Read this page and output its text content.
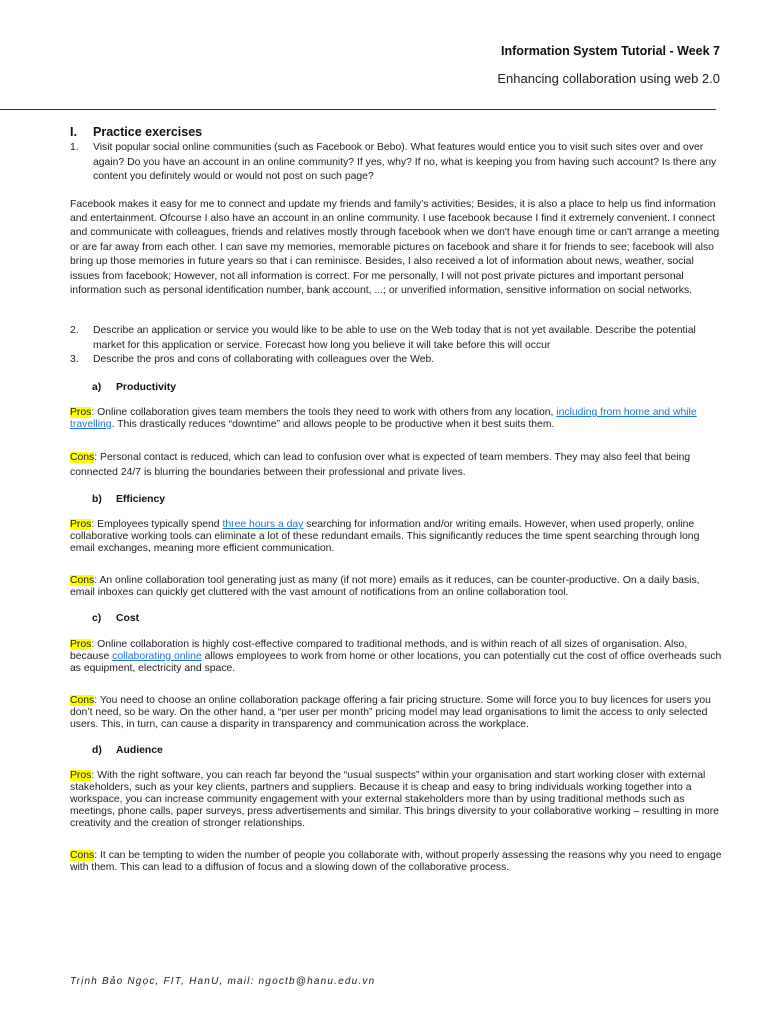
Information System Tutorial - Week 7
Enhancing collaboration using web 2.0
I.	Practice exercises
1.	Visit popular social online communities (such as Facebook or Bebo). What features would entice you to visit such sites over and over again? Do you have an account in an online community? If yes, why? If no, what is keeping you from having such account? Is there any content you definitely would or would not post on such page?

Facebook makes it easy for me to connect and update my friends and family’s activities; Besides, it is also a place to help us find information and entertainment. Ofcourse I also have an account in an online community. I use facebook because I find it extremely convenient. I connect and communicate with colleagues, friends and relatives mostly through facebook when we don't have enough time or can't arrange a meeting or are far away from each other. I can save my memories, memorable pictures on facebook and share it for friends to see; facebook will also bring up those memories in future years so that i can reminisce. Besides, I also received a lot of information about news, weather, social issues from facebook; However, not all information is correct. For me personally, I will not post private pictures and important personal information such as personal identification number, bank account, ...; or unverified information, sensitive information on social networks.

2.	Describe an application or service you would like to be able to use on the Web today that is not yet available. Describe the potential market for this application or service. Forecast how long you believe it will take before this will occur
3.	Describe the pros and cons of collaborating with colleagues over the Web.
a)	Productivity

Pros: Online collaboration gives team members the tools they need to work with others from any location, including from home and while travelling. This drastically reduces “downtime” and allows people to be productive when it best suits them.

Cons: Personal contact is reduced, which can lead to confusion over what is expected of team members. They may also feel that being connected 24/7 is blurring the boundaries between their professional and private lives.

b)	Efficiency

Pros: Employees typically spend three hours a day searching for information and/or writing emails. However, when used properly, online collaborative working tools can eliminate a lot of these redundant emails. This significantly reduces the time spent searching through long email exchanges, meaning more efficient communication.

Cons: An online collaboration tool generating just as many (if not more) emails as it reduces, can be counter-productive. On a daily basis, email inboxes can quickly get cluttered with the vast amount of notifications from an online collaboration tool.

c)	Cost

Pros: Online collaboration is highly cost-effective compared to traditional methods, and is within reach of all sizes of organisation. Also, because collaborating online allows employees to work from home or other locations, you can potentially cut the cost of office overheads such as equipment, electricity and space.

Cons: You need to choose an online collaboration package offering a fair pricing structure. Some will force you to buy licences for users you don’t need, so be wary. On the other hand, a “per user per month” pricing model may lead organisations to limit the access to only selected users. This, in turn, can cause a disparity in transparency and communication across the workplace.

d)	Audience

Pros: With the right software, you can reach far beyond the “usual suspects” within your organisation and start working closer with external stakeholders, such as your key clients, partners and suppliers. Because it is cheap and easy to bring individuals working together into a workspace, you can increase community engagement with your external stakeholders more than by using traditional methods such as meetings, phone calls, paper surveys, press advertisements and similar. This brings diversity to your collaborative working – resulting in more creativity and the creation of stronger relationships.

Cons: It can be tempting to widen the number of people you collaborate with, without properly assessing the reasons why you need to engage with them. This can lead to a diffusion of focus and a slowing down of the collaborative process.

Trịnh Bảo Ngọc, FIT, HanU, mail: ngoctb@hanu.edu.vn
